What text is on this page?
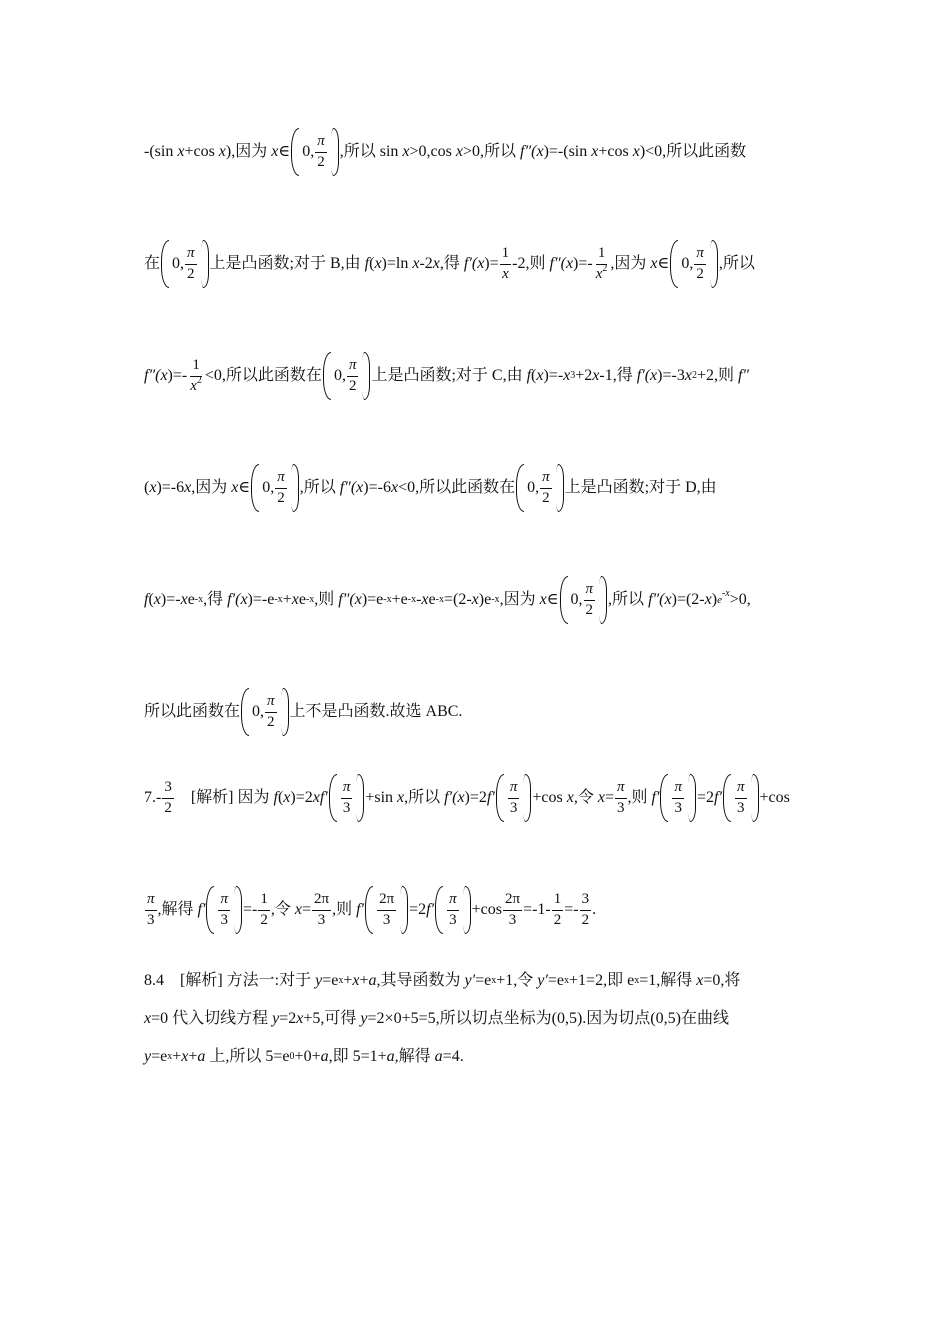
-(sin x +cos x ),因为 x ∈ 0, $\frac{\pi}{2}$ ,所以 sin x >0,cos x >0,所以 f″( x )=-(sin x +cos x )<0,所以此函数
在 0, $\frac{\pi}{2}$ 上是凸函数;对于 B,由 f ( x )=ln x -2 x ,得 f′( x )= $\frac{1}{x} -2$,则 f″( x )=- $\frac{1}{x^2}$ ,因为 x ∈ 0, $\frac{\pi}{2}$ ,所以
f″( x )=- $\frac{1}{x^2} <0$,所以此函数在 0, $\frac{\pi}{2}$ 上是凸函数;对于 C,由 f ( x )=- x 3 +2 x -1,得 f′( x )=-3 x 2 +2,则 f″
( x )=-6 x ,因为 x ∈ 0, $\frac{\pi}{2}$ ,所以 f″( x )=-6 x <0,所以此函数在 0, $\frac{\pi}{2}$ 上是凸函数;对于 D,由
f ( x )=- x e -x ,得 f′( x )=-e -x + x e -x ,则 f″( x )=e -x +e -x - x e -x =(2- x )e -x ,因为 x ∈ 0, $\frac{\pi}{2}$ ,所以 f″( x )=(2- x ) $e^{-x} >0$,
所以此函数在 0, $\frac{\pi}{2}$ 上不是凸函数.故选 ABC.
$7.- \frac{3}{2}$ [解析] 因为 f ( x )=2 x $f' \frac{\pi}{3} +\sin$ x ,所以 f′( x )=2 $f' \frac{\pi}{3} +\cos$ x ,令 $x = \frac{\pi}{3}$ ,则 $f' \frac{\pi}{3} =2$ $f' \frac{\pi}{3} +\cos$
$\frac{\pi}{3}$ ,解得 $f' \frac{\pi}{3} =- \frac{1}{2}$ ,令 $x = \frac{2\pi}{3}$ ,则 $f' \frac{2\pi}{3} =2$ $f' \frac{\pi}{3} +\cos \frac{2\pi}{3} =-1- \frac{1}{2} =- \frac{3}{2}$ .
8.4    [解析] 方法一:对于 y =e x + x + a ,其导函数为 y′ =e x +1,令 y′ =e x +1=2,即 e x =1,解得 x =0,将
x =0 代入切线方程 y =2 x +5,可得 y =2×0+5=5,所以切点坐标为(0,5).因为切点(0,5)在曲线
y =e x + x + a 上,所以 5=e 0 +0+ a ,即 5=1+ a ,解得 a =4.
